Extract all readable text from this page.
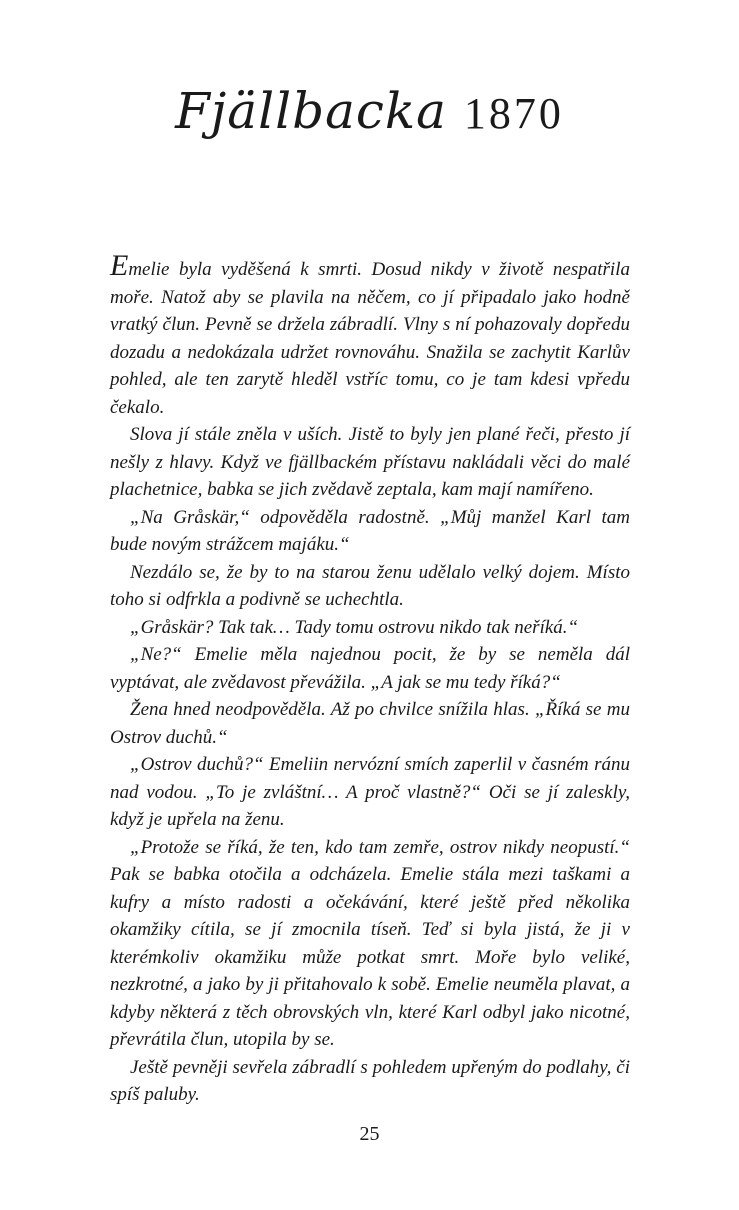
Fjällbacka 1870

Emelie byla vyděšená k smrti. Dosud nikdy v životě nespatřila moře. Natož aby se plavila na něčem, co jí připadalo jako hodně vratký člun. Pevně se držela zábradlí. Vlny s ní pohazovaly dopředu dozadu a nedokázala udržet rovnováhu. Snažila se zachytit Karlův pohled, ale ten zarytě hleděl vstříc tomu, co je tam kdesi vpředu čekalo.

Slova jí stále zněla v uších. Jistě to byly jen plané řeči, přesto jí nešly z hlavy. Když ve fjällbackém přístavu nakládali věci do malé plachetnice, babka se jich zvědavě zeptala, kam mají namířeno.

„Na Gråskär,“ odpověděla radostně. „Můj manžel Karl tam bude novým strážcem majáku.“

Nezdálo se, že by to na starou ženu udělalo velký dojem. Místo toho si odfrkla a podivně se uchechtla.

„Gråskär? Tak tak… Tady tomu ostrovu nikdo tak neříká.“

„Ne?“ Emelie měla najednou pocit, že by se neměla dál vyptávat, ale zvědavost převážila. „A jak se mu tedy říká?“

Žena hned neodpověděla. Až po chvilce snížila hlas. „Říká se mu Ostrov duchů.“

„Ostrov duchů?“ Emeliin nervózní smích zaperlil v časném ránu nad vodou. „To je zvláštní… A proč vlastně?“ Oči se jí zaleskly, když je upřela na ženu.

„Protože se říká, že ten, kdo tam zemře, ostrov nikdy neopustí.“ Pak se babka otočila a odcházela. Emelie stála mezi taškami a kufry a místo radosti a očekávání, které ještě před několika okamžiky cítila, se jí zmocnila tíseň. Teď si byla jistá, že ji v kterémkoliv okamžiku může potkat smrt. Moře bylo veliké, nezkrotné, a jako by ji přitahovalo k sobě. Emelie neuměla plavat, a kdyby některá z těch obrovských vln, které Karl odbyl jako nicotné, převrátila člun, utopila by se.

Ještě pevněji sevřela zábradlí s pohledem upřeným do podlahy, či spíš paluby.

25
